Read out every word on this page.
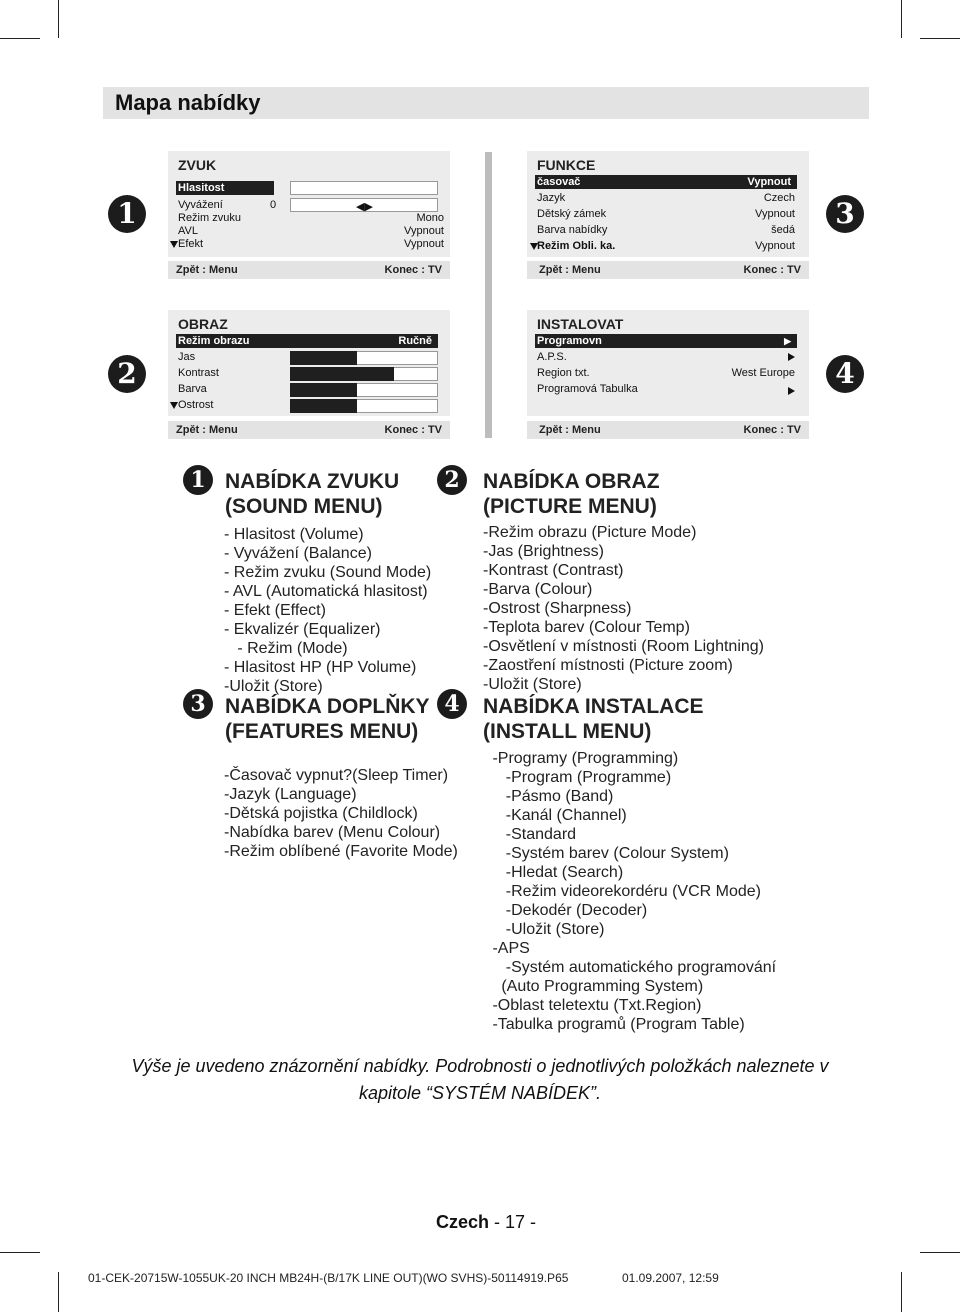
Mapa nabídky
1
2
3
4
ZVUK
Hlasitost
Vyvážení	0	◀▶
Režim zvuku	Mono
AVL	Vypnout
Efekt	Vypnout
Zpět : Menu	Konec : TV
FUNKCE
časovač	Vypnout
Jazyk	Czech
Dětský zámek	Vypnout
Barva nabídky	šedá
Režim Obli. ka.	Vypnout
Zpět : Menu	Konec : TV
OBRAZ
Režim obrazu	Ručně
Jas
Kontrast
Barva
Ostrost
Zpět : Menu	Konec : TV
INSTALOVAT
Programovn	▶
A.P.S.
Region txt.	West Europe
Programová Tabulka
Zpět : Menu	Konec : TV
1	2
3	4
NABÍDKA ZVUKU
(SOUND MENU)
- Hlasitost (Volume)
- Vyvážení (Balance)
- Režim zvuku (Sound Mode)
- AVL (Automatická hlasitost)
- Efekt (Effect)
- Ekvalizér (Equalizer)
- Režim (Mode)
- Hlasitost HP (HP Volume)
-Uložit (Store)
NABÍDKA OBRAZ
(PICTURE MENU)
-Režim obrazu (Picture Mode)
-Jas (Brightness)
-Kontrast (Contrast)
-Barva (Colour)
-Ostrost (Sharpness)
-Teplota barev (Colour Temp)
-Osvětlení v místnosti (Room Lightning)
-Zaostření místnosti (Picture zoom)
-Uložit (Store)
NABÍDKA DOPLŇKY
(FEATURES MENU)
-Časovač vypnut?(Sleep Timer)
-Jazyk (Language)
-Dětská pojistka (Childlock)
-Nabídka barev (Menu Colour)
-Režim oblíbené (Favorite Mode)
NABÍDKA INSTALACE
(INSTALL MENU)
-Programy (Programming)
-Program (Programme)
-Pásmo (Band)
-Kanál (Channel)
-Standard
-Systém barev (Colour System)
-Hledat (Search)
-Režim videorekordéru (VCR Mode)
-Dekodér (Decoder)
-Uložit (Store)
-APS
-Systém automatického programování
(Auto Programming System)
-Oblast teletextu (Txt.Region)
-Tabulka programů (Program Table)
Výše je uvedeno znázornění nabídky. Podrobnosti o jednotlivých položkách naleznete v
kapitole “SYSTÉM NABÍDEK”.
Czech - 17 -
01-CEK-20715W-1055UK-20 INCH MB24H-(B/17K LINE OUT)(WO SVHS)-50114919.P65	01.09.2007, 12:59
